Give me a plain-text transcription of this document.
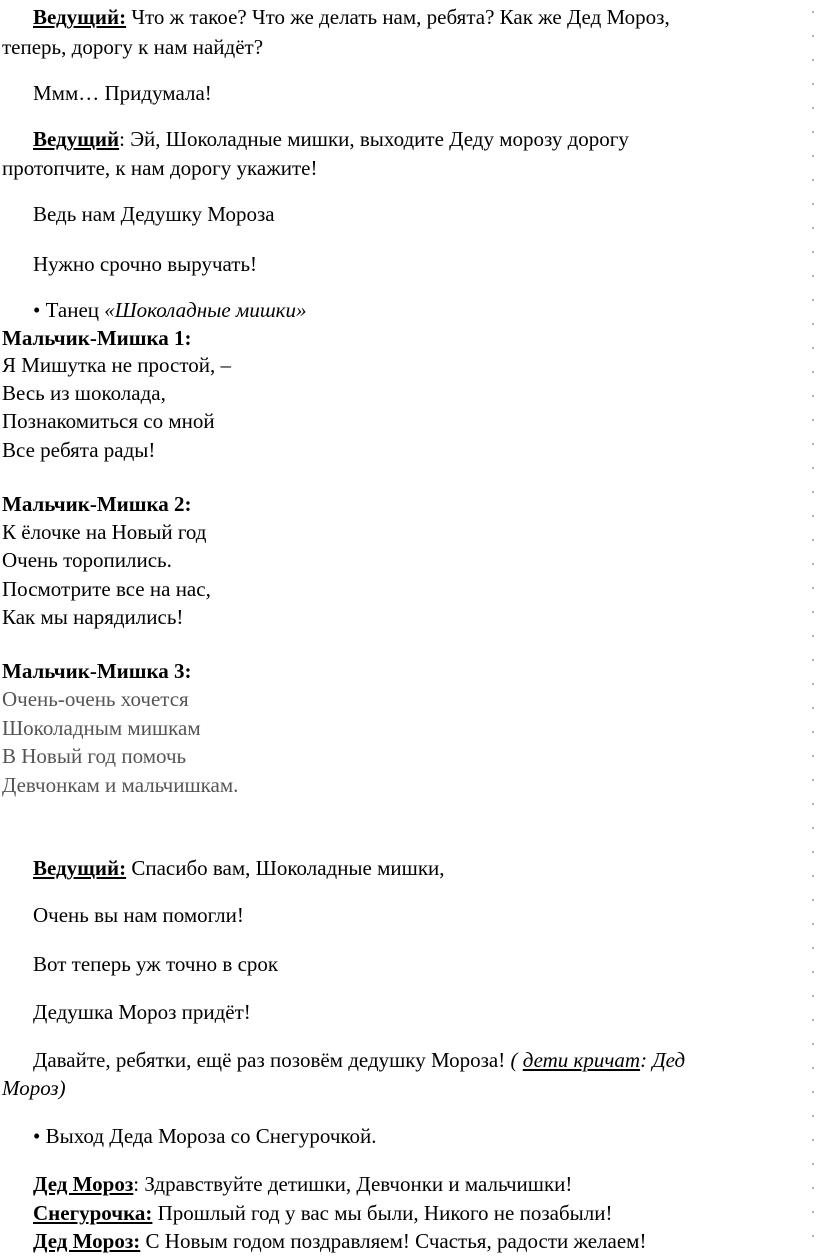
Ведущий: Что ж такое? Что же делать нам, ребята? Как же Дед Мороз,
теперь, дорогу к нам найдёт?
Ммм… Придумала!
Ведущий: Эй, Шоколадные мишки, выходите Деду морозу дорогу
протопчите, к нам дорогу укажите!
Ведь нам Дедушку Мороза
Нужно срочно выручать!
• Танец «Шоколадные мишки»
Мальчик-Мишка 1:
Я Мишутка не простой, –
Весь из шоколада,
Познакомиться со мной
Все ребята рады!
Мальчик-Мишка 2:
К ёлочке на Новый год
Очень торопились.
Посмотрите все на нас,
Как мы нарядились!
Мальчик-Мишка 3:
Очень-очень хочется
Шоколадным мишкам
В Новый год помочь
Девчонкам и мальчишкам.
Ведущий: Спасибо вам, Шоколадные мишки,
Очень вы нам помогли!
Вот теперь уж точно в срок
Дедушка Мороз придёт!
Давайте, ребятки, ещё раз позовём дедушку Мороза! ( дети кричат: Дед
Мороз)
• Выход Деда Мороза со Снегурочкой.
Дед Мороз: Здравствуйте детишки, Девчонки и мальчишки!
Снегурочка: Прошлый год у вас мы были, Никого не позабыли!
Дед Мороз: С Новым годом поздравляем! Счастья, радости желаем!
